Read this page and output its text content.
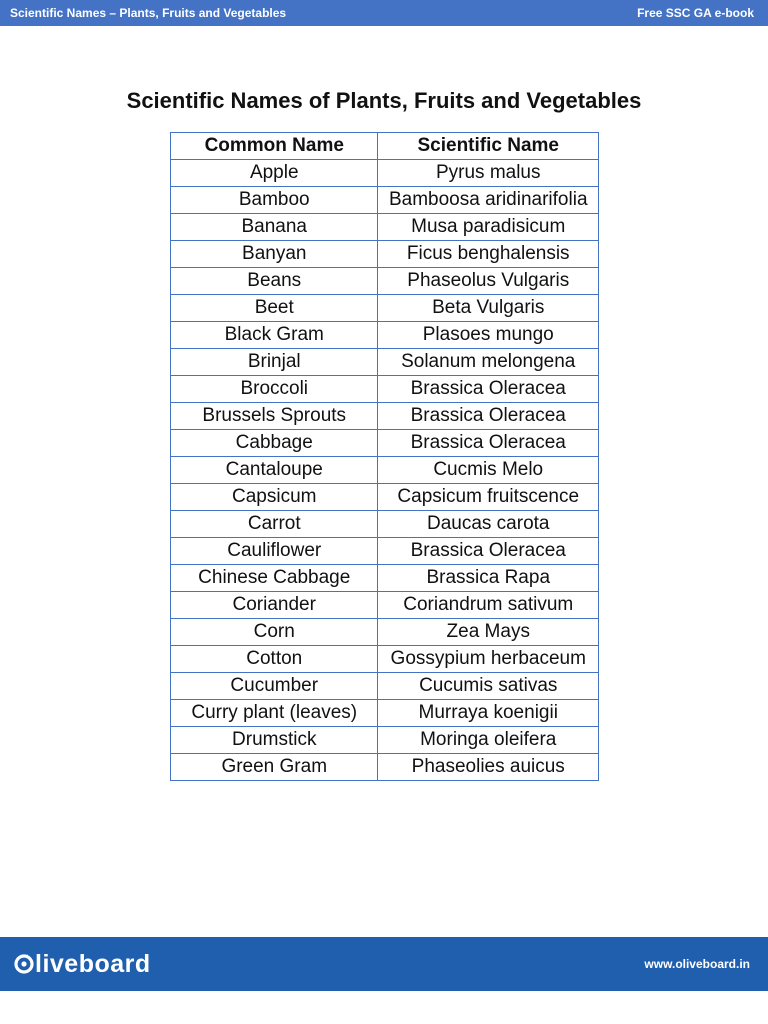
Scientific Names – Plants, Fruits and Vegetables	Free SSC GA e-book
Scientific Names of Plants, Fruits and Vegetables
Common Name	Scientific Name
Apple	Pyrus malus
Bamboo	Bamboosa aridinarifolia
Banana	Musa paradisicum
Banyan	Ficus benghalensis
Beans	Phaseolus Vulgaris
Beet	Beta Vulgaris
Black Gram	Plasoes mungo
Brinjal	Solanum melongena
Broccoli	Brassica Oleracea
Brussels Sprouts	Brassica Oleracea
Cabbage	Brassica Oleracea
Cantaloupe	Cucmis Melo
Capsicum	Capsicum fruitscence
Carrot	Daucas carota
Cauliflower	Brassica Oleracea
Chinese Cabbage	Brassica Rapa
Coriander	Coriandrum sativum
Corn	Zea Mays
Cotton	Gossypium herbaceum
Cucumber	Cucumis sativas
Curry plant (leaves)	Murraya koenigii
Drumstick	Moringa oleifera
Green Gram	Phaseolies auicus
liveboard	www.oliveboard.in
